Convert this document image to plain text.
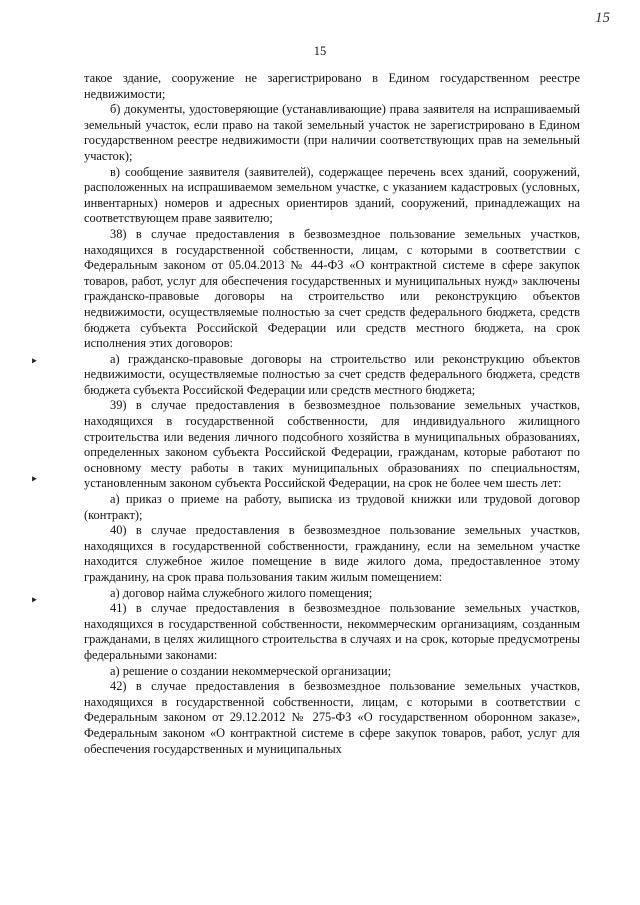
15
15
‣
‣
‣

такое здание, сооружение не зарегистрировано в Едином государственном реестре недвижимости;

б) документы, удостоверяющие (устанавливающие) права заявителя на испрашиваемый земельный участок, если право на такой земельный участок не зарегистрировано в Едином государственном реестре недвижимости (при наличии соответствующих прав на земельный участок);

в) сообщение заявителя (заявителей), содержащее перечень всех зданий, сооружений, расположенных на испрашиваемом земельном участке, с указанием кадастровых (условных, инвентарных) номеров и адресных ориентиров зданий, сооружений, принадлежащих на соответствующем праве заявителю;

38) в случае предоставления в безвозмездное пользование земельных участков, находящихся в государственной собственности, лицам, с которыми в соответствии с Федеральным законом от 05.04.2013 № 44-ФЗ «О контрактной системе в сфере закупок товаров, работ, услуг для обеспечения государственных и муниципальных нужд» заключены гражданско-правовые договоры на строительство или реконструкцию объектов недвижимости, осуществляемые полностью за счет средств федерального бюджета, средств бюджета субъекта Российской Федерации или средств местного бюджета, на срок исполнения этих договоров:

а) гражданско-правовые договоры на строительство или реконструкцию объектов недвижимости, осуществляемые полностью за счет средств федерального бюджета, средств бюджета субъекта Российской Федерации или средств местного бюджета;

39) в случае предоставления в безвозмездное пользование земельных участков, находящихся в государственной собственности, для индивидуального жилищного строительства или ведения личного подсобного хозяйства в муниципальных образованиях, определенных законом субъекта Российской Федерации, гражданам, которые работают по основному месту работы в таких муниципальных образованиях по специальностям, установленным законом субъекта Российской Федерации, на срок не более чем шесть лет:

а) приказ о приеме на работу, выписка из трудовой книжки или трудовой договор (контракт);

40) в случае предоставления в безвозмездное пользование земельных участков, находящихся в государственной собственности, гражданину, если на земельном участке находится служебное жилое помещение в виде жилого дома, предоставленное этому гражданину, на срок права пользования таким жилым помещением:

а) договор найма служебного жилого помещения;

41) в случае предоставления в безвозмездное пользование земельных участков, находящихся в государственной собственности, некоммерческим организациям, созданным гражданами, в целях жилищного строительства в случаях и на срок, которые предусмотрены федеральными законами:

а) решение о создании некоммерческой организации;

42) в случае предоставления в безвозмездное пользование земельных участков, находящихся в государственной собственности, лицам, с которыми в соответствии с Федеральным законом от 29.12.2012 № 275-ФЗ «О государственном оборонном заказе», Федеральным законом «О контрактной системе в сфере закупок товаров, работ, услуг для обеспечения государственных и муниципальных
